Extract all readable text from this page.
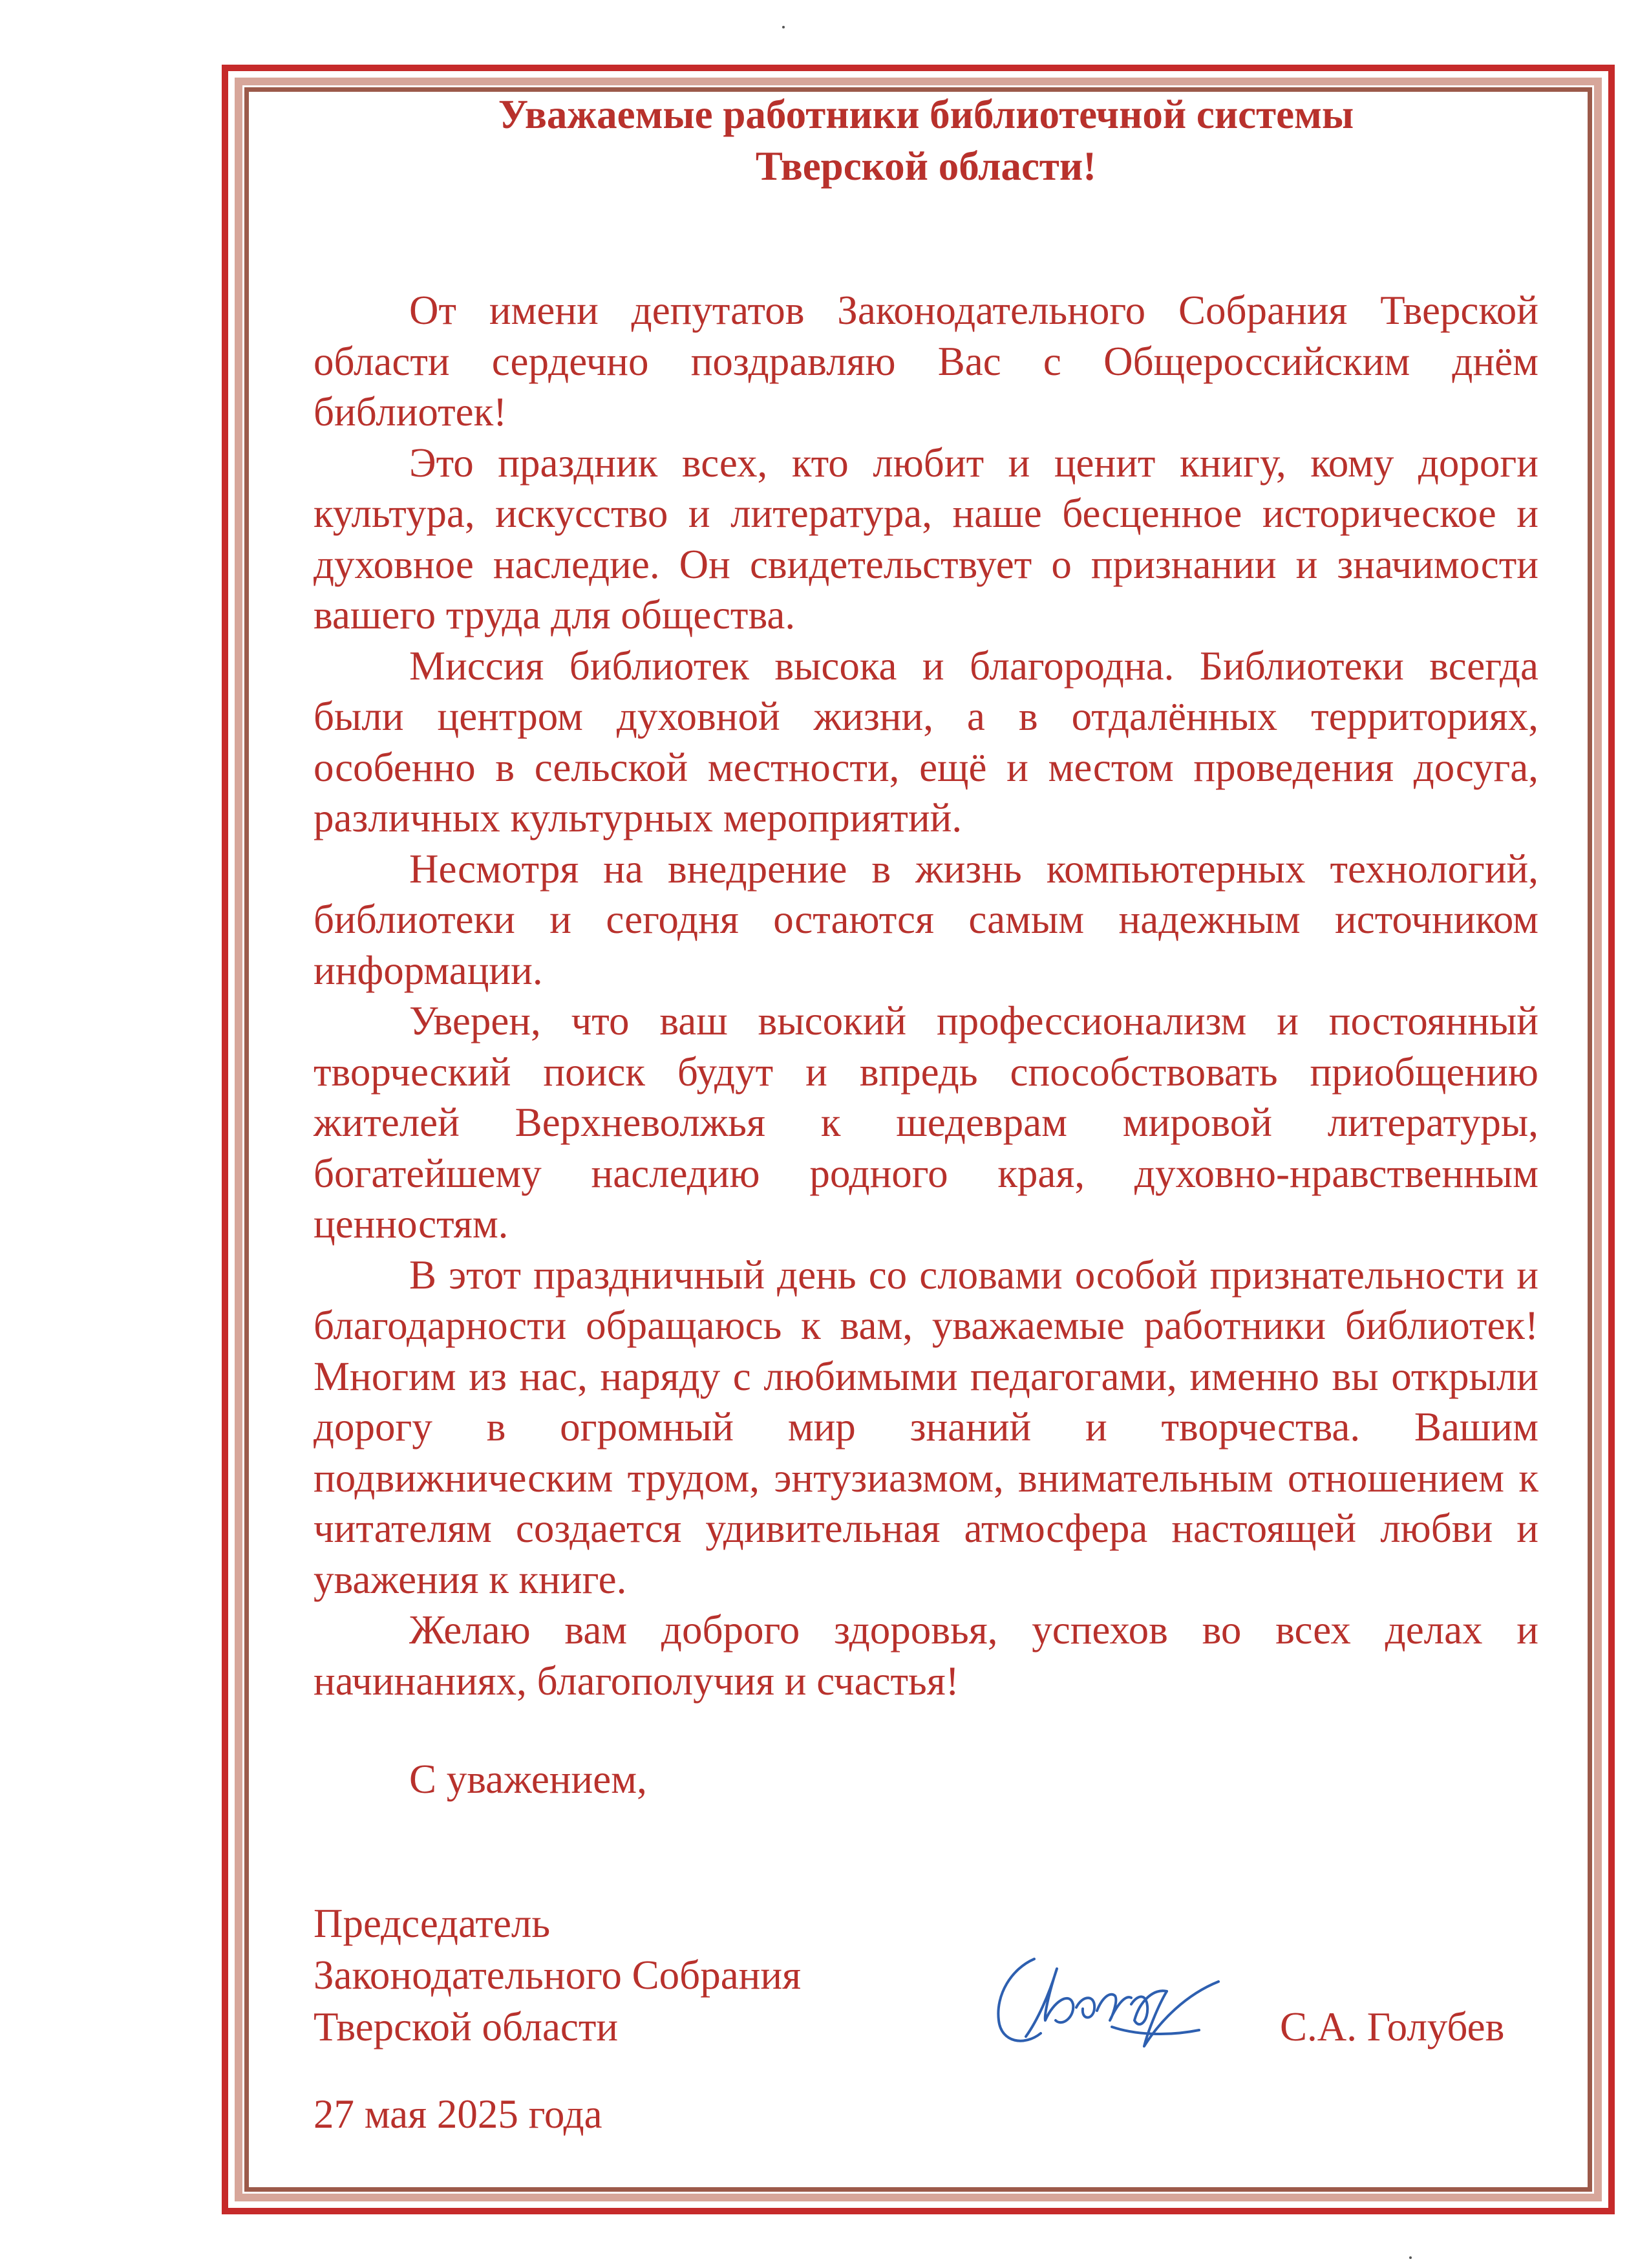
Уважаемые работники библиотечной системы
Тверской области!

От имени депутатов Законодательного Собрания Тверской области сердечно поздравляю Вас с Общероссийским днём библиотек!

Это праздник всех, кто любит и ценит книгу, кому дороги культура, искусство и литература, наше бесценное историческое и духовное наследие. Он свидетельствует о признании и значимости вашего труда для общества.

Миссия библиотек высока и благородна. Библиотеки всегда были центром духовной жизни, а в отдалённых территориях, особенно в сельской местности, ещё и местом проведения досуга, различных культурных мероприятий.

Несмотря на внедрение в жизнь компьютерных технологий, библиотеки и сегодня остаются самым надежным источником информации.

Уверен, что ваш высокий профессионализм и постоянный творческий поиск будут и впредь способствовать приобщению жителей Верхневолжья к шедеврам мировой литературы, богатейшему наследию родного края, духовно-нравственным ценностям.

В этот праздничный день со словами особой признательности и благодарности обращаюсь к вам, уважаемые работники библиотек! Многим из нас, наряду с любимыми педагогами, именно вы открыли дорогу в огромный мир знаний и творчества. Вашим подвижническим трудом, энтузиазмом, внимательным отношением к читателям создается удивительная атмосфера настоящей любви и уважения к книге.

Желаю вам доброго здоровья, успехов во всех делах и начинаниях, благополучия и счастья!

С уважением,
Председатель
Законодательного Собрания
Тверской области	С.А. Голубев
27 мая 2025 года
